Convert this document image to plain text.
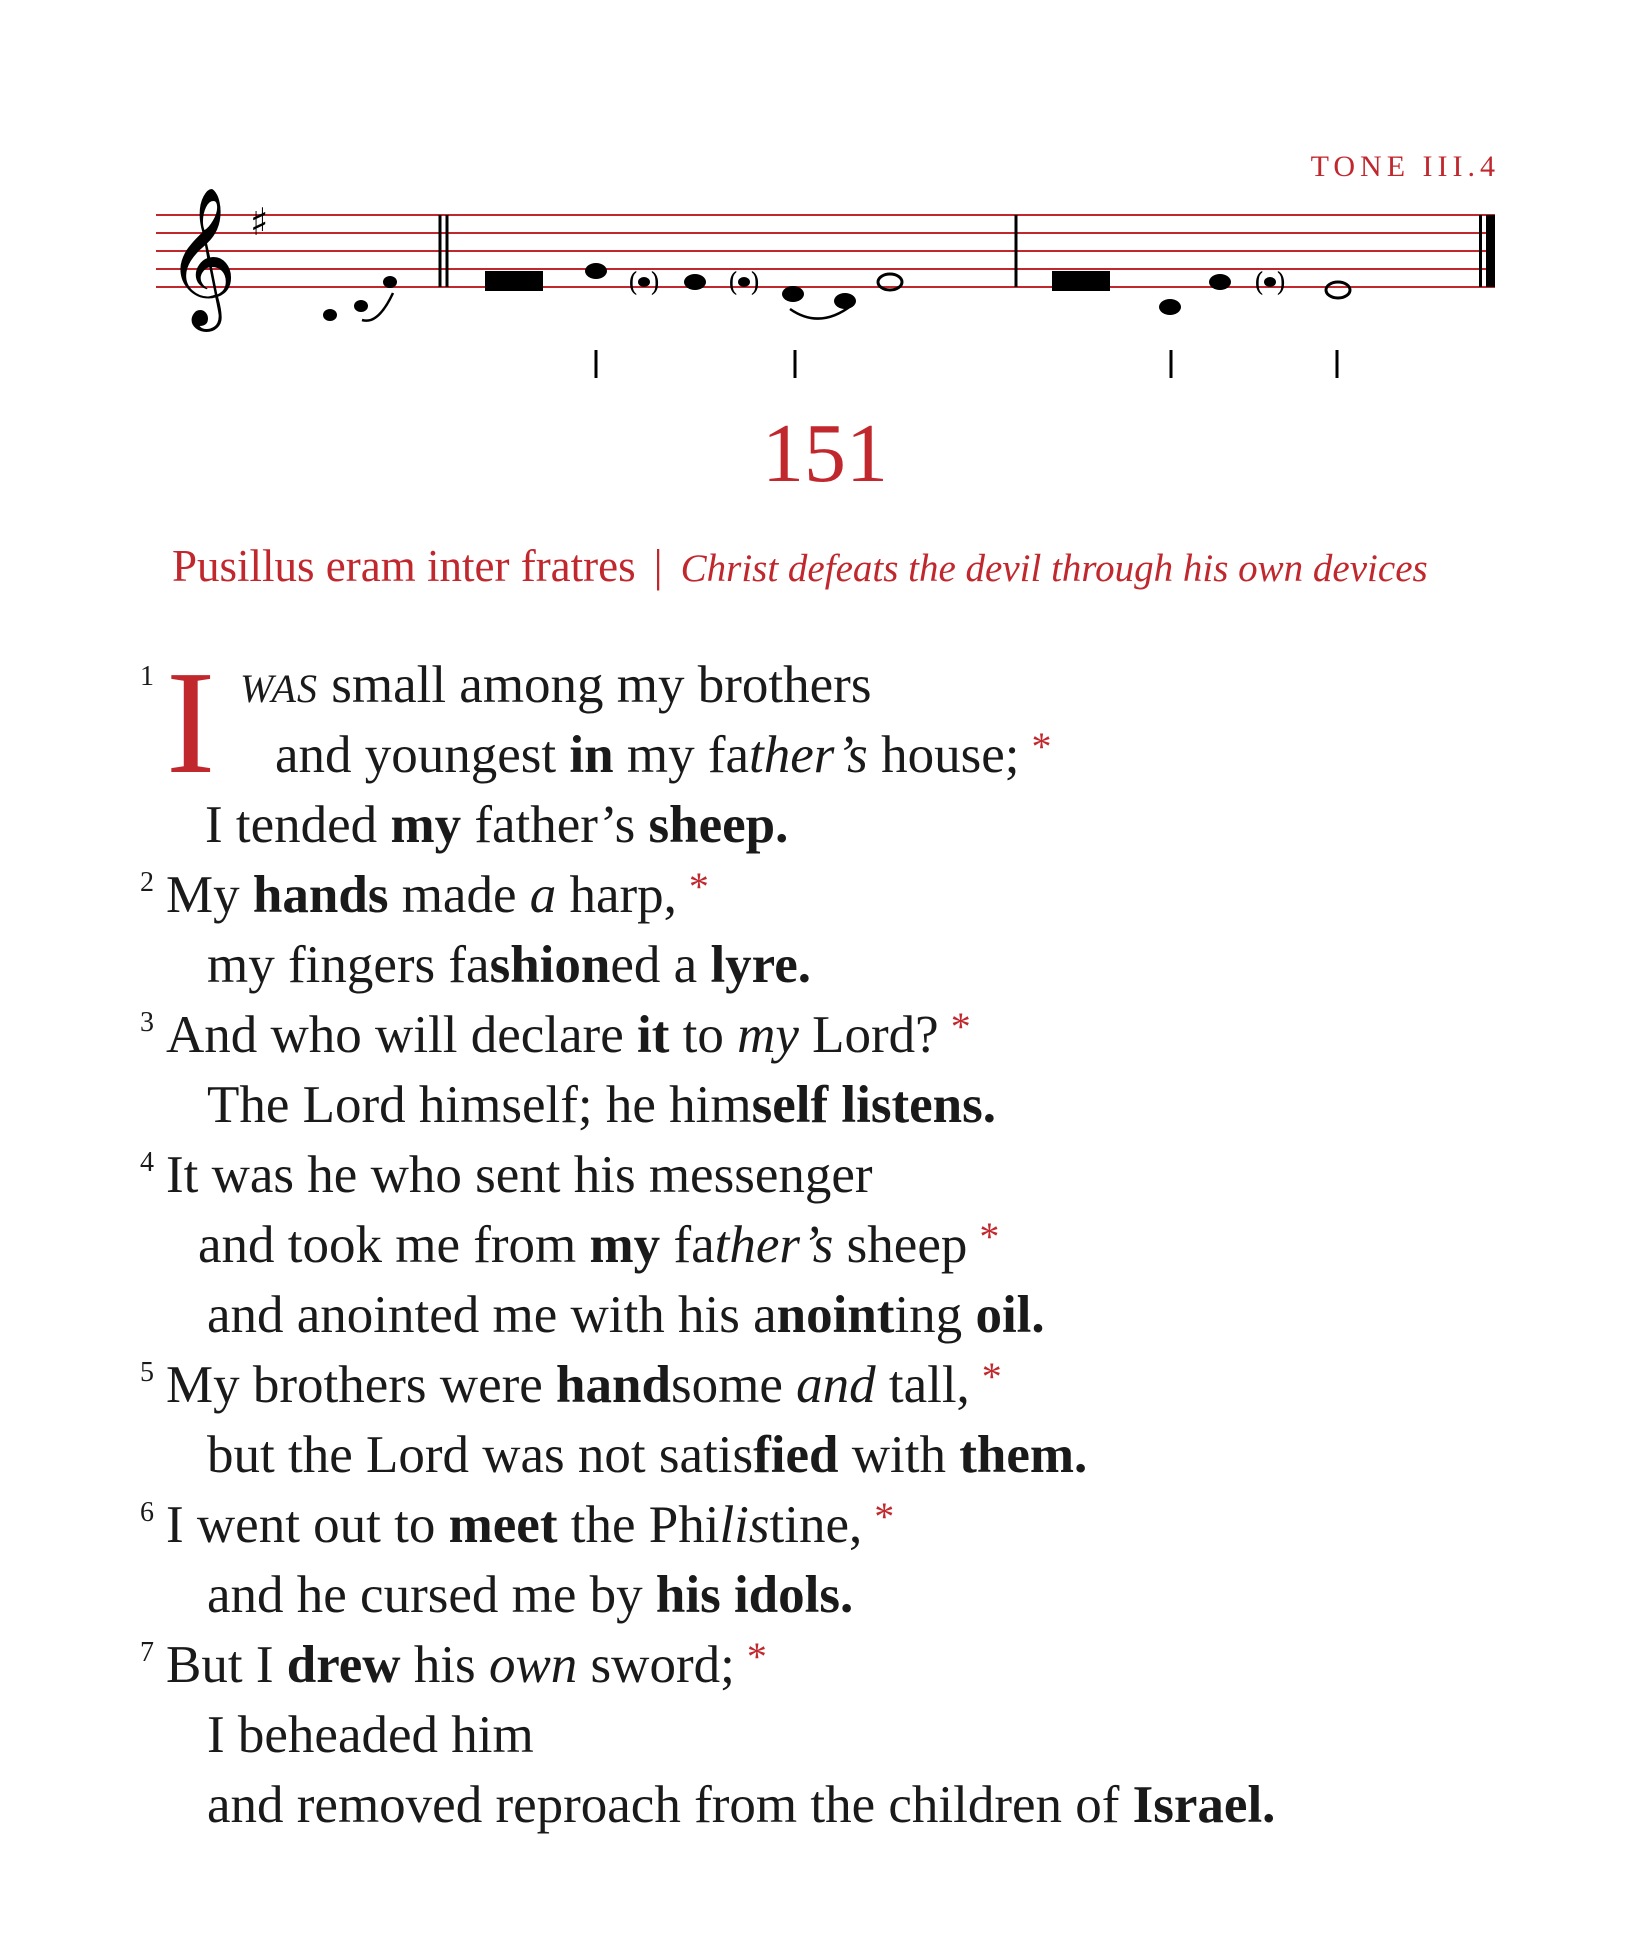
TONE III.4
𝄞 ♯
( )	( )	( )
151
Pusillus eram inter fratres | Christ defeats the devil through his own devices
I
1 WAS small among my brothers
and youngest in my father’s house; *
I tended my father’s sheep.
$^2$ My hands made a harp, *
my fingers fashioned a lyre.
$^3$ And who will declare it to my Lord? *
The Lord himself; he himself listens.
$^4$ It was he who sent his messenger
and took me from my father’s sheep *
and anointed me with his anointing oil.
$^5$ My brothers were handsome and tall, *
but the Lord was not satisfied with them.
$^6$ I went out to meet the Philistine, *
and he cursed me by his idols.
$^7$ But I drew his own sword; *
I beheaded him
and removed reproach from the children of Israel.
